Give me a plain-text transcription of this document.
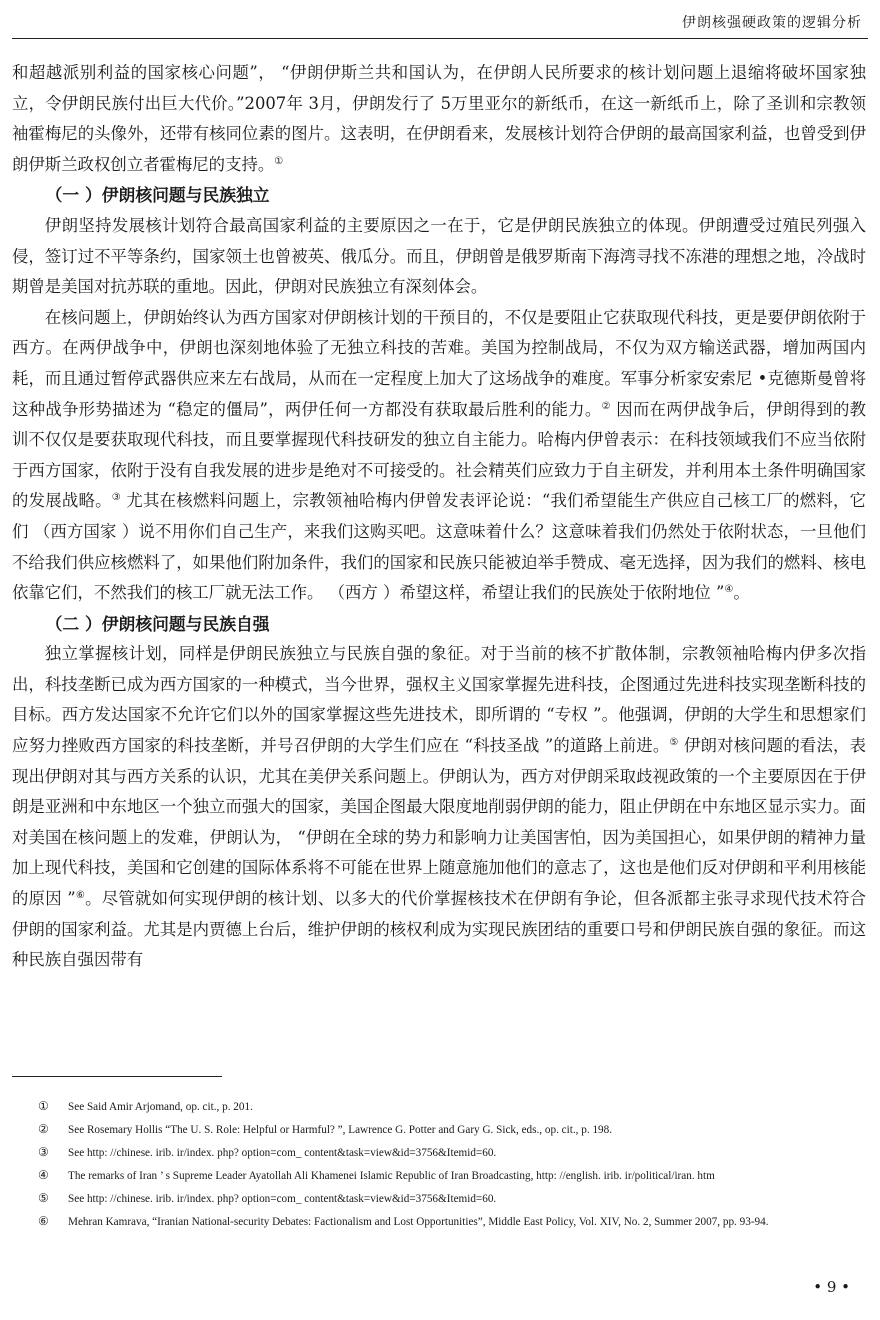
伊朗核强硬政策的逻辑分析

和超越派别利益的国家核心问题”， “伊朗伊斯兰共和国认为，在伊朗人民所要求的核计划问题上退缩将破坏国家独立，令伊朗民族付出巨大代价。”2007年 3月，伊朗发行了 5万里亚尔的新纸币，在这一新纸币上，除了圣训和宗教领袖霍梅尼的头像外，还带有核同位素的图片。这表明，在伊朗看来，发展核计划符合伊朗的最高国家利益，也曾受到伊朗伊斯兰政权创立者霍梅尼的支持。①

（一 ）伊朗核问题与民族独立

伊朗坚持发展核计划符合最高国家利益的主要原因之一在于，它是伊朗民族独立的体现。伊朗遭受过殖民列强入侵，签订过不平等条约，国家领土也曾被英、俄瓜分。而且，伊朗曾是俄罗斯南下海湾寻找不冻港的理想之地，冷战时期曾是美国对抗苏联的重地。因此，伊朗对民族独立有深刻体会。

在核问题上，伊朗始终认为西方国家对伊朗核计划的干预目的，不仅是要阻止它获取现代科技，更是要伊朗依附于西方。在两伊战争中，伊朗也深刻地体验了无独立科技的苦难。美国为控制战局，不仅为双方输送武器，增加两国内耗，而且通过暂停武器供应来左右战局，从而在一定程度上加大了这场战争的难度。军事分析家安索尼 •克德斯曼曾将这种战争形势描述为 “稳定的僵局”，两伊任何一方都没有获取最后胜利的能力。② 因而在两伊战争后，伊朗得到的教训不仅仅是要获取现代科技，而且要掌握现代科技研发的独立自主能力。哈梅内伊曾表示：在科技领域我们不应当依附于西方国家，依附于没有自我发展的进步是绝对不可接受的。社会精英们应致力于自主研发，并利用本土条件明确国家的发展战略。③ 尤其在核燃料问题上，宗教领袖哈梅内伊曾发表评论说：“我们希望能生产供应自己核工厂的燃料，它们 （西方国家 ）说不用你们自己生产，来我们这购买吧。这意味着什么？这意味着我们仍然处于依附状态，一旦他们不给我们供应核燃料了，如果他们附加条件，我们的国家和民族只能被迫举手赞成、毫无选择，因为我们的燃料、核电依靠它们，不然我们的核工厂就无法工作。 （西方 ）希望这样，希望让我们的民族处于依附地位 ”④。

（二 ）伊朗核问题与民族自强

独立掌握核计划，同样是伊朗民族独立与民族自强的象征。对于当前的核不扩散体制，宗教领袖哈梅内伊多次指出，科技垄断已成为西方国家的一种模式，当今世界，强权主义国家掌握先进科技，企图通过先进科技实现垄断科技的目标。西方发达国家不允许它们以外的国家掌握这些先进技术，即所谓的 “专权 ”。他强调，伊朗的大学生和思想家们应努力挫败西方国家的科技垄断，并号召伊朗的大学生们应在 “科技圣战 ”的道路上前进。⑤ 伊朗对核问题的看法，表现出伊朗对其与西方关系的认识，尤其在美伊关系问题上。伊朗认为，西方对伊朗采取歧视政策的一个主要原因在于伊朗是亚洲和中东地区一个独立而强大的国家，美国企图最大限度地削弱伊朗的能力，阻止伊朗在中东地区显示实力。面对美国在核问题上的发难，伊朗认为， “伊朗在全球的势力和影响力让美国害怕，因为美国担心，如果伊朗的精神力量加上现代科技，美国和它创建的国际体系将不可能在世界上随意施加他们的意志了，这也是他们反对伊朗和平利用核能的原因 ”⑥。尽管就如何实现伊朗的核计划、以多大的代价掌握核技术在伊朗有争论，但各派都主张寻求现代技术符合伊朗的国家利益。尤其是内贾德上台后，维护伊朗的核权利成为实现民族团结的重要口号和伊朗民族自强的象征。而这种民族自强因带有

① See Said Amir Arjomand, op. cit., p. 201.

② See Rosemary Hollis “The U. S. Role: Helpful or Harmful? ”, Lawrence G. Potter and Gary G. Sick, eds., op. cit., p. 198.

③ See http: //chinese. irib. ir/index. php? option=com_ content&task=view&id=3756&Itemid=60.

④ The remarks of Iran ’ s Supreme Leader Ayatollah Ali Khamenei Islamic Republic of Iran Broadcasting, http: //english. irib. ir/political/iran. htm

⑤ See http: //chinese. irib. ir/index. php? option=com_ content&task=view&id=3756&Itemid=60.

⑥ Mehran Kamrava, “Iranian National-security Debates: Factionalism and Lost Opportunities”, Middle East Policy, Vol. XIV, No. 2, Summer 2007, pp. 93-94.

• 9 •
